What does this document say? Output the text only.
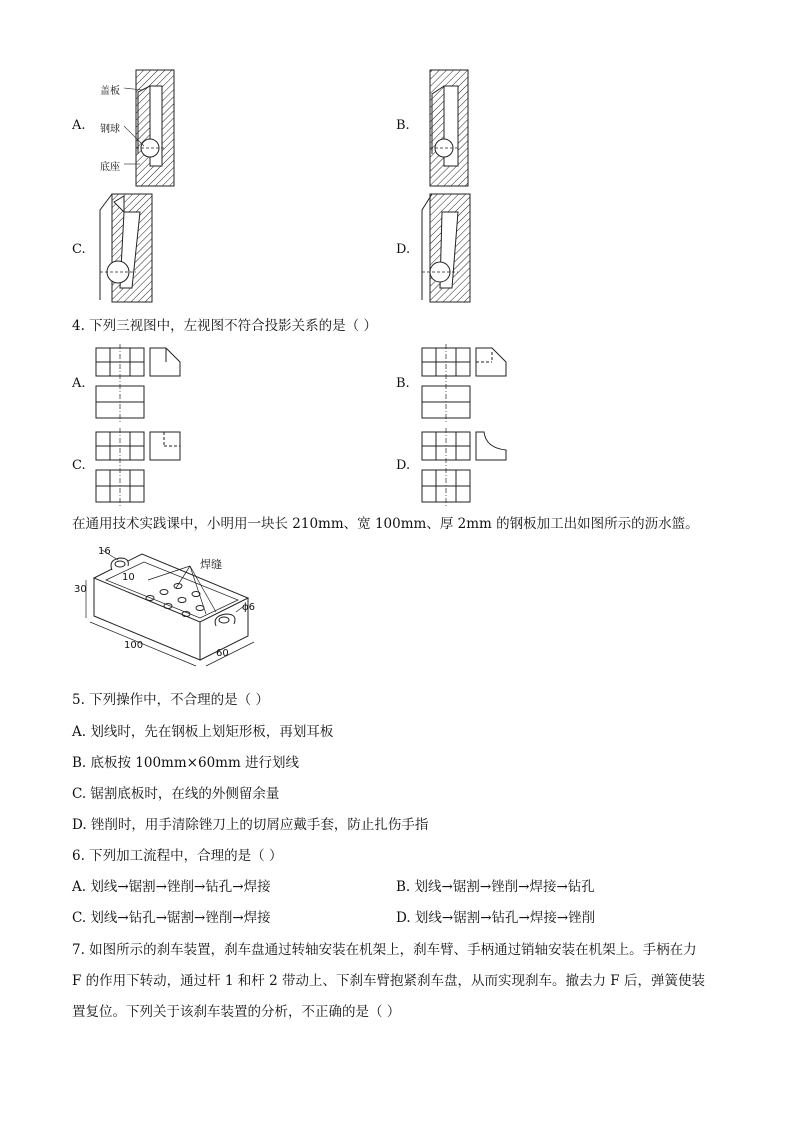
A.
盖板
钢球
底座
B.
C.	D.
4. 下列三视图中，左视图不符合投影关系的是（ ）
A.	B.
C.	D.
在通用技术实践课中，小明用一块长 210mm、宽 100mm、厚 2mm 的钢板加工出如图所示的沥水篮。
焊缝
16
10
30
100
60
ϕ6
5. 下列操作中，不合理的是（ ）
A. 划线时，先在钢板上划矩形板，再划耳板
B. 底板按 100mm×60mm 进行划线
C. 锯割底板时，在线的外侧留余量
D. 锉削时，用手清除锉刀上的切屑应戴手套，防止扎伤手指
6. 下列加工流程中，合理的是（ ）
A. 划线→锯割→锉削→钻孔→焊接	B. 划线→锯割→锉削→焊接→钻孔
C. 划线→钻孔→锯割→锉削→焊接	D. 划线→锯割→钻孔→焊接→锉削
7. 如图所示的刹车装置，刹车盘通过转轴安装在机架上，刹车臂、手柄通过销轴安装在机架上。手柄在力
F 的作用下转动，通过杆 1 和杆 2 带动上、下刹车臂抱紧刹车盘，从而实现刹车。撤去力 F 后，弹簧使装
置复位。下列关于该刹车装置的分析，不正确的是（ ）
